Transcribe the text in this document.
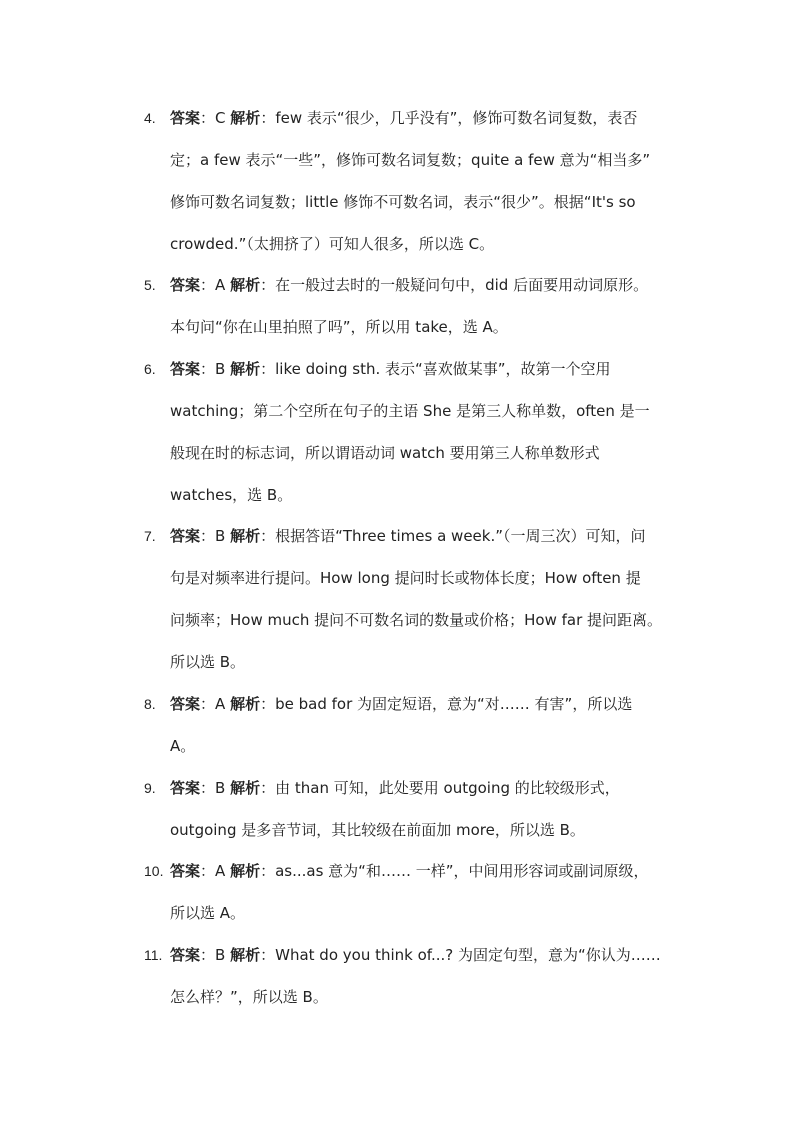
4. 答案：C 解析：few 表示“很少，几乎没有”，修饰可数名词复数，表否
定；a few 表示“一些”，修饰可数名词复数；quite a few 意为“相当多”
修饰可数名词复数；little 修饰不可数名词，表示“很少”。根据“It's so
crowded.”（太拥挤了）可知人很多，所以选 C。
5. 答案：A 解析：在一般过去时的一般疑问句中，did 后面要用动词原形。
本句问“你在山里拍照了吗”，所以用 take，选 A。
6. 答案：B 解析：like doing sth. 表示“喜欢做某事”，故第一个空用
watching；第二个空所在句子的主语 She 是第三人称单数，often 是一
般现在时的标志词，所以谓语动词 watch 要用第三人称单数形式
watches，选 B。
7. 答案：B 解析：根据答语“Three times a week.”（一周三次）可知，问
句是对频率进行提问。How long 提问时长或物体长度；How often 提
问频率；How much 提问不可数名词的数量或价格；How far 提问距离。
所以选 B。
8. 答案：A 解析：be bad for 为固定短语，意为“对…… 有害”，所以选
A。
9. 答案：B 解析：由 than 可知，此处要用 outgoing 的比较级形式，
outgoing 是多音节词，其比较级在前面加 more，所以选 B。
10. 答案：A 解析：as...as 意为“和…… 一样”，中间用形容词或副词原级，
所以选 A。
11. 答案：B 解析：What do you think of...? 为固定句型，意为“你认为……
怎么样？”，所以选 B。
